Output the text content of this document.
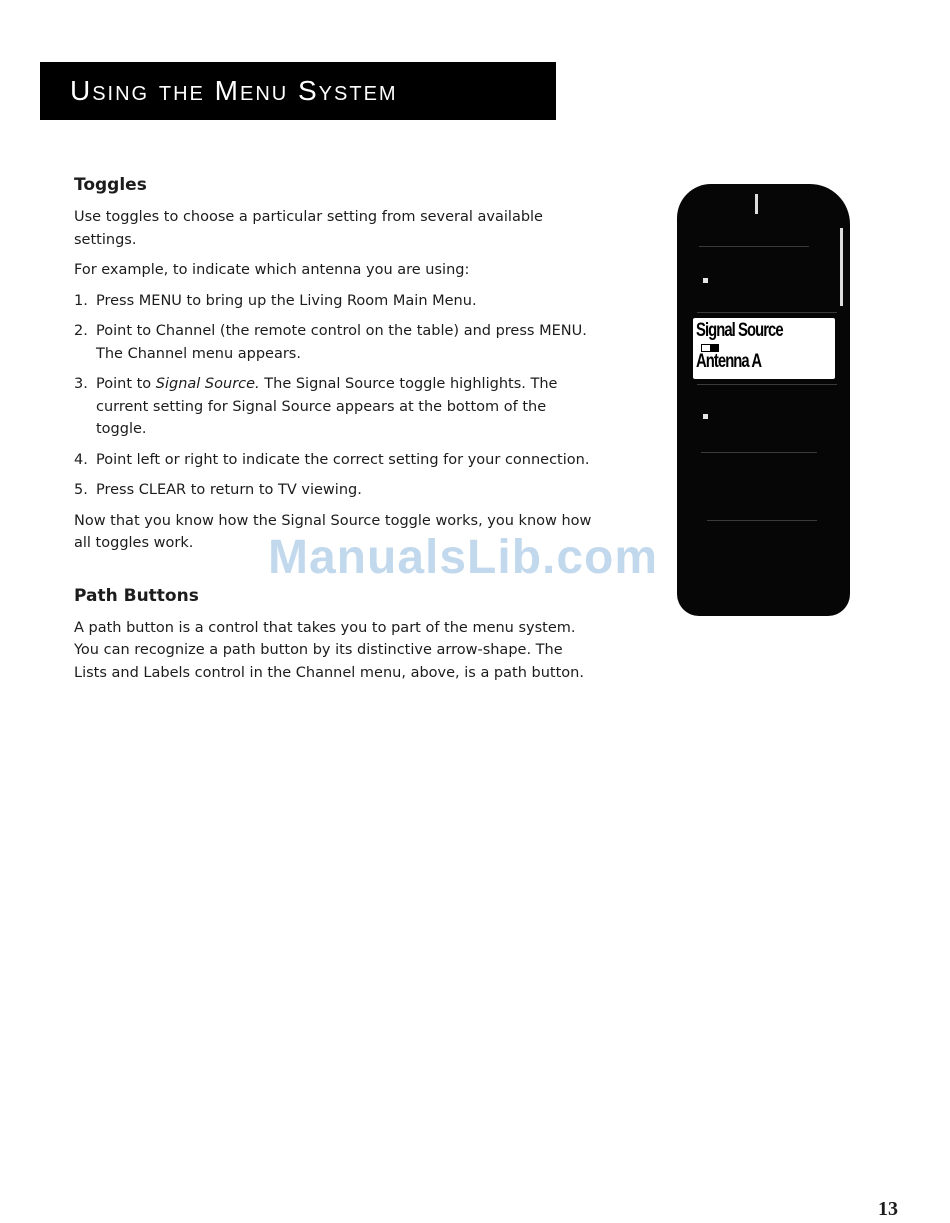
Using the Menu System
Toggles

Use toggles to choose a particular setting from several available settings.

For example, to indicate which antenna you are using:

1. Press MENU to bring up the Living Room Main Menu.
2. Point to Channel (the remote control on the table) and press MENU. The Channel menu appears.
3. Point to Signal Source. The Signal Source toggle highlights. The current setting for Signal Source appears at the bottom of the toggle.
4. Point left or right to indicate the correct setting for your connection.
5. Press CLEAR to return to TV viewing.

Now that you know how the Signal Source toggle works, you know how all toggles work.

Path Buttons

A path button is a control that takes you to part of the menu system. You can recognize a path button by its distinctive arrow-shape. The Lists and Labels control in the Channel menu, above, is a path button.

Signal Source
Antenna A
ManualsLib.com
13
